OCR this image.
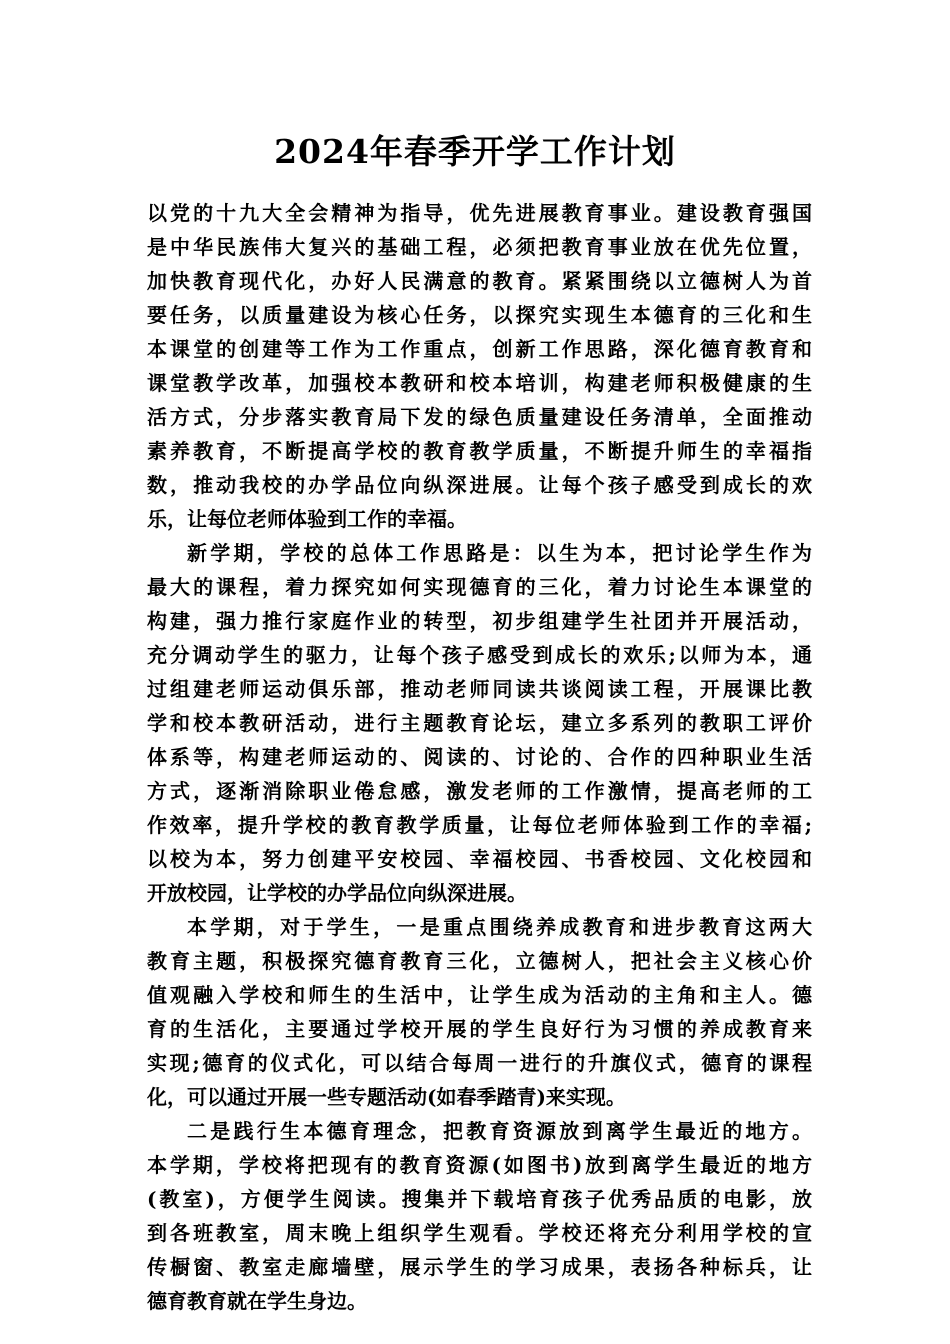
2024年春季开学工作计划
以党的十九大全会精神为指导，优先进展教育事业。建设教育强国
是中华民族伟大复兴的基础工程，必须把教育事业放在优先位置，
加快教育现代化，办好人民满意的教育。紧紧围绕以立德树人为首
要任务，以质量建设为核心任务，以探究实现生本德育的三化和生
本课堂的创建等工作为工作重点，创新工作思路，深化德育教育和
课堂教学改革，加强校本教研和校本培训，构建老师积极健康的生
活方式，分步落实教育局下发的绿色质量建设任务清单，全面推动
素养教育，不断提高学校的教育教学质量，不断提升师生的幸福指
数，推动我校的办学品位向纵深进展。让每个孩子感受到成长的欢
乐，让每位老师体验到工作的幸福。
新学期，学校的总体工作思路是：以生为本，把讨论学生作为
最大的课程，着力探究如何实现德育的三化，着力讨论生本课堂的
构建，强力推行家庭作业的转型，初步组建学生社团并开展活动，
充分调动学生的驱力，让每个孩子感受到成长的欢乐;以师为本，通
过组建老师运动俱乐部，推动老师同读共谈阅读工程，开展课比教
学和校本教研活动，进行主题教育论坛，建立多系列的教职工评价
体系等，构建老师运动的、阅读的、讨论的、合作的四种职业生活
方式，逐渐消除职业倦怠感，激发老师的工作激情，提高老师的工
作效率，提升学校的教育教学质量，让每位老师体验到工作的幸福;
以校为本，努力创建平安校园、幸福校园、书香校园、文化校园和
开放校园，让学校的办学品位向纵深进展。
本学期，对于学生，一是重点围绕养成教育和进步教育这两大
教育主题，积极探究德育教育三化，立德树人，把社会主义核心价
值观融入学校和师生的生活中，让学生成为活动的主角和主人。德
育的生活化，主要通过学校开展的学生良好行为习惯的养成教育来
实现;德育的仪式化，可以结合每周一进行的升旗仪式，德育的课程
化，可以通过开展一些专题活动(如春季踏青)来实现。
二是践行生本德育理念，把教育资源放到离学生最近的地方。
本学期，学校将把现有的教育资源(如图书)放到离学生最近的地方
(教室)，方便学生阅读。搜集并下载培育孩子优秀品质的电影，放
到各班教室，周末晚上组织学生观看。学校还将充分利用学校的宣
传橱窗、教室走廊墙壁，展示学生的学习成果，表扬各种标兵，让
德育教育就在学生身边。
